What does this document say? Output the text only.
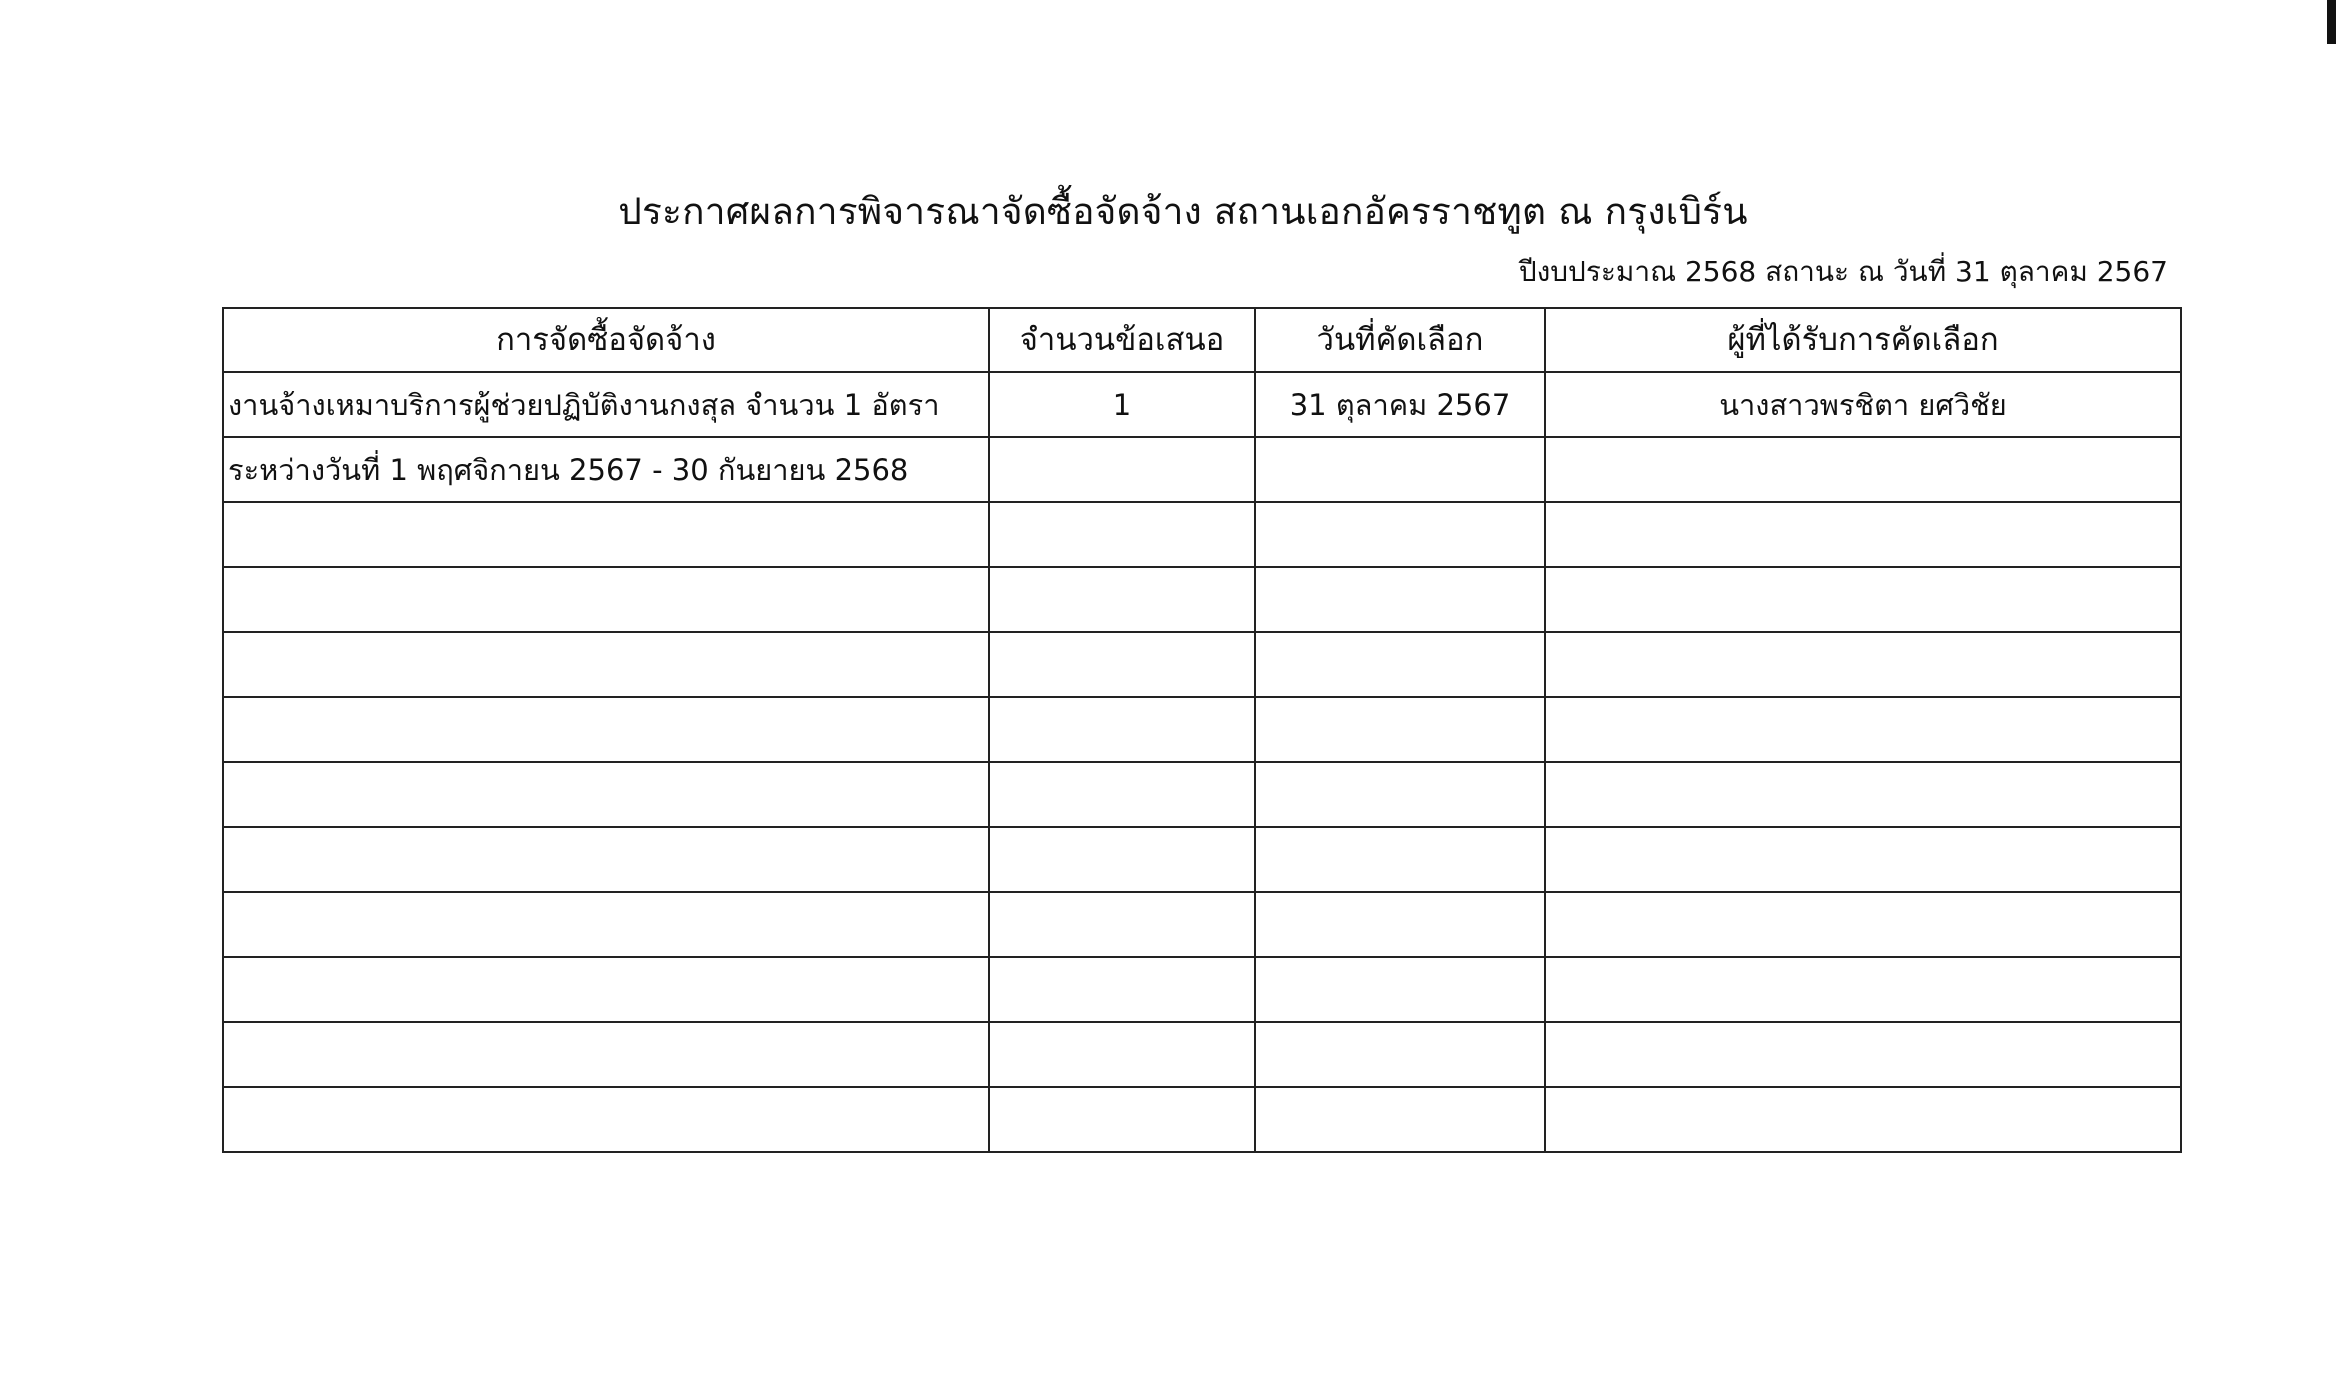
ประกาศผลการพิจารณาจัดซื้อจัดจ้าง สถานเอกอัครราชทูต ณ กรุงเบิร์น
ปีงบประมาณ 2568 สถานะ ณ วันที่ 31 ตุลาคม 2567
การจัดซื้อจัดจ้าง	จำนวนข้อเสนอ	วันที่คัดเลือก	ผู้ที่ได้รับการคัดเลือก
งานจ้างเหมาบริการผู้ช่วยปฏิบัติงานกงสุล จำนวน 1 อัตรา	1	31 ตุลาคม 2567	นางสาวพรชิตา ยศวิชัย
ระหว่างวันที่ 1 พฤศจิกายน 2567 - 30 กันยายน 2568			
